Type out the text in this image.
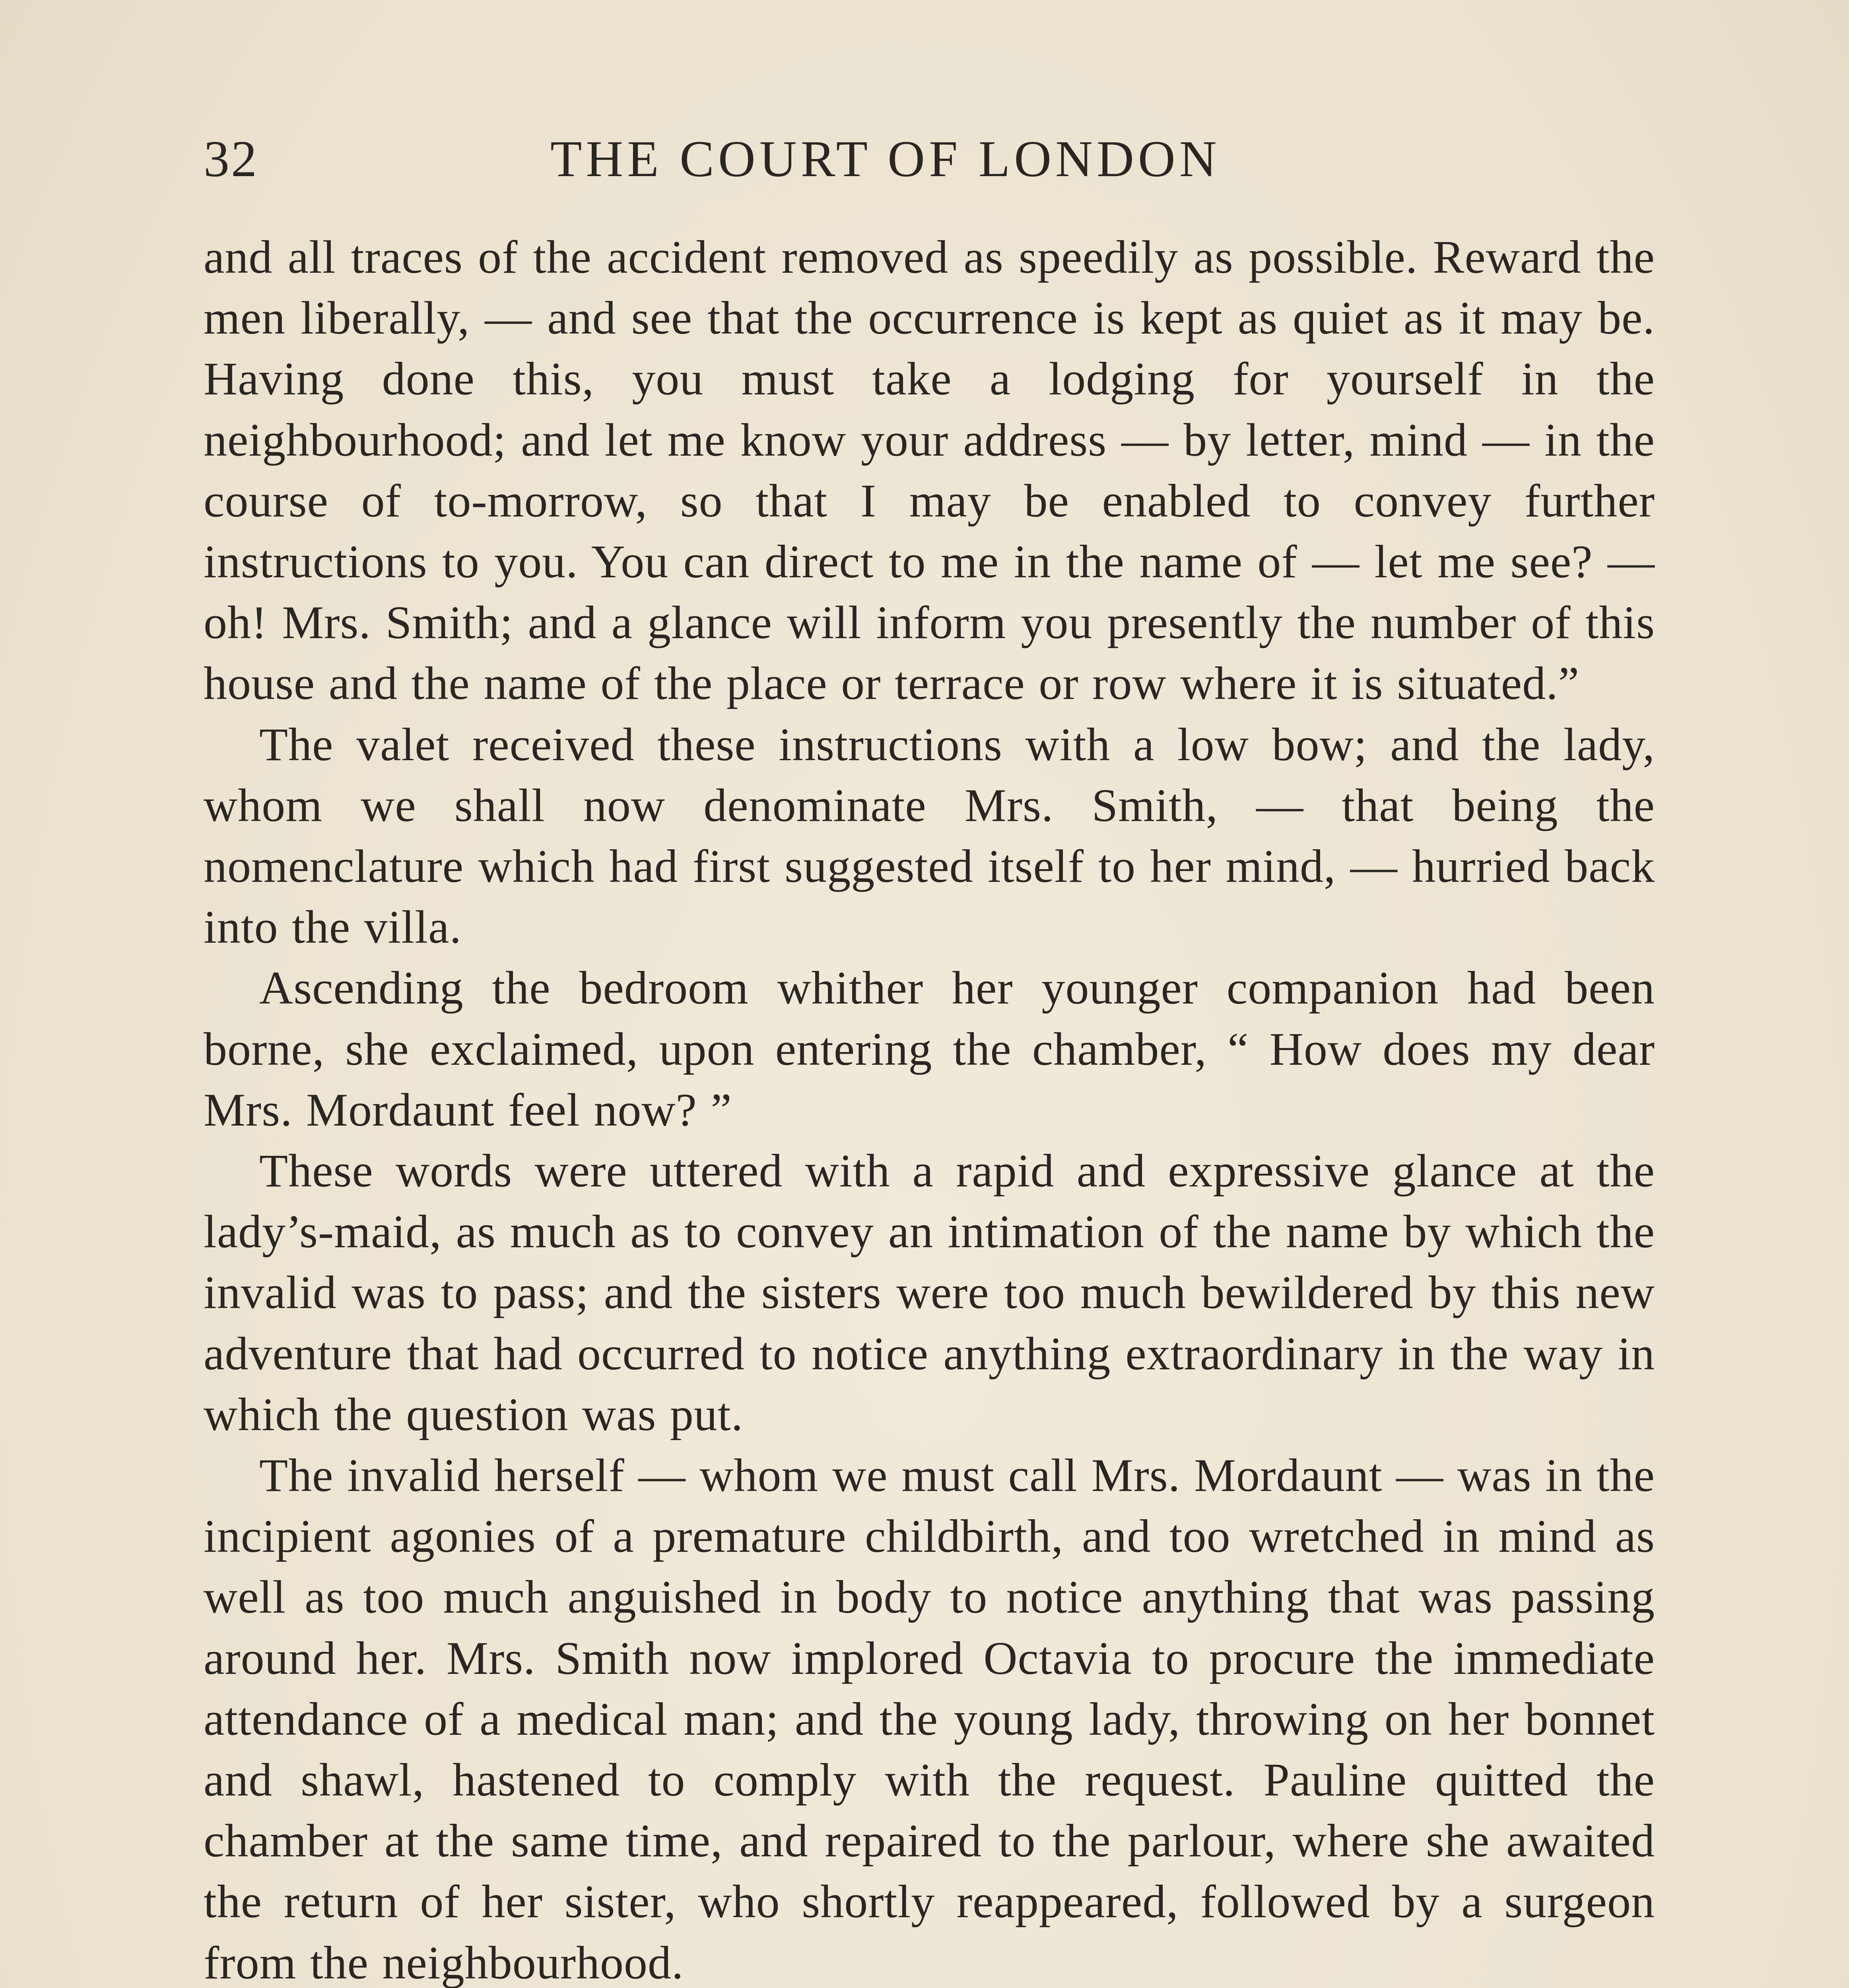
32	THE COURT OF LONDON

and all traces of the accident removed as speedily as possible. Reward the men liberally, — and see that the occurrence is kept as quiet as it may be. Having done this, you must take a lodging for yourself in the neighbourhood; and let me know your address — by letter, mind — in the course of to-morrow, so that I may be enabled to convey further instructions to you. You can direct to me in the name of — let me see? — oh! Mrs. Smith; and a glance will inform you presently the number of this house and the name of the place or terrace or row where it is situated.”

The valet received these instructions with a low bow; and the lady, whom we shall now denominate Mrs. Smith, — that being the nomenclature which had first suggested itself to her mind, — hurried back into the villa.

Ascending the bedroom whither her younger companion had been borne, she exclaimed, upon entering the chamber, “ How does my dear Mrs. Mordaunt feel now? ”

These words were uttered with a rapid and expressive glance at the lady’s-maid, as much as to convey an intimation of the name by which the invalid was to pass; and the sisters were too much bewildered by this new adventure that had occurred to notice anything extraordinary in the way in which the question was put.

The invalid herself — whom we must call Mrs. Mordaunt — was in the incipient agonies of a premature childbirth, and too wretched in mind as well as too much anguished in body to notice anything that was passing around her. Mrs. Smith now implored Octavia to procure the immediate attendance of a medical man; and the young lady, throwing on her bonnet and shawl, hastened to comply with the request. Pauline quitted the chamber at the same time, and repaired to the parlour, where she awaited the return of her sister, who shortly reappeared, followed by a surgeon from the neighbourhood.
